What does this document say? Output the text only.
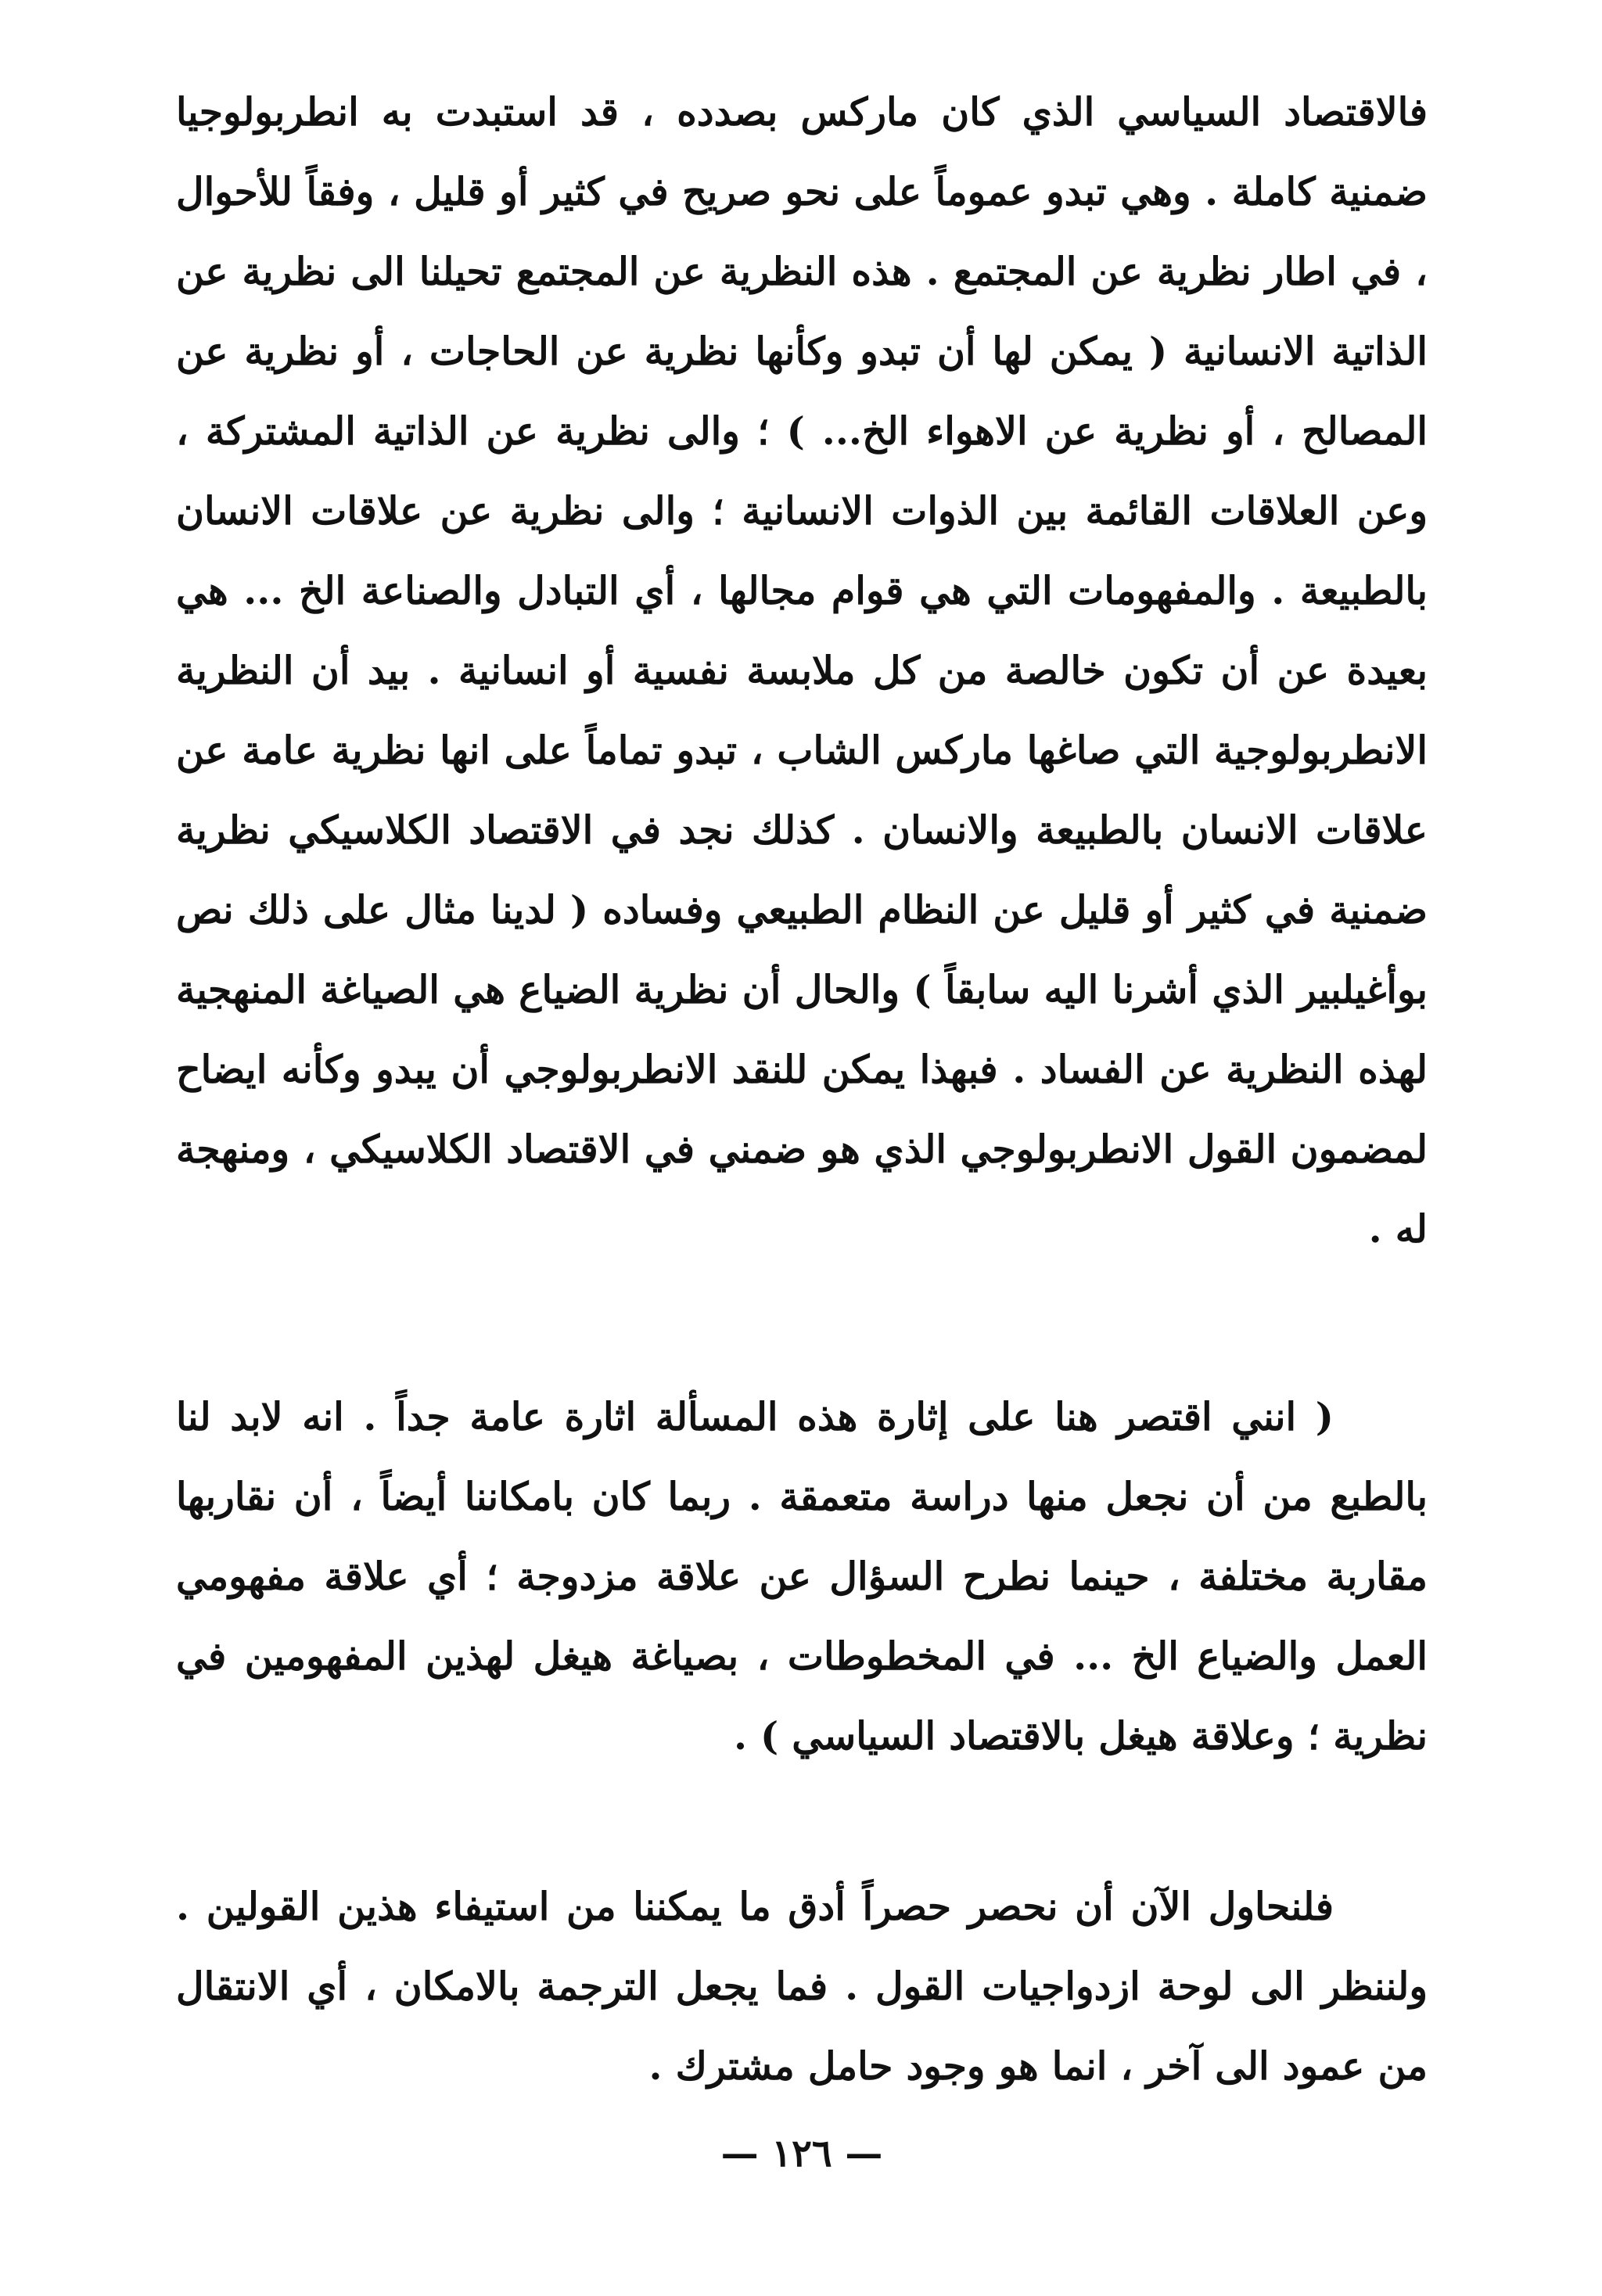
فالاقتصاد السياسي الذي كان ماركس بصدده ، قد استبدت به انطربولوجيا ضمنية كاملة . وهي تبدو عموماً على نحو صريح في كثير أو قليل ، وفقاً للأحوال ، في اطار نظرية عن المجتمع . هذه النظرية عن المجتمع تحيلنا الى نظرية عن الذاتية الانسانية ( يمكن لها أن تبدو وكأنها نظرية عن الحاجات ، أو نظرية عن المصالح ، أو نظرية عن الاهواء الخ... ) ؛ والى نظرية عن الذاتية المشتركة ، وعن العلاقات القائمة بين الذوات الانسانية ؛ والى نظرية عن علاقات الانسان بالطبيعة . والمفهومات التي هي قوام مجالها ، أي التبادل والصناعة الخ ... هي بعيدة عن أن تكون خالصة من كل ملابسة نفسية أو انسانية . بيد أن النظرية الانطربولوجية التي صاغها ماركس الشاب ، تبدو تماماً على انها نظرية عامة عن علاقات الانسان بالطبيعة والانسان . كذلك نجد في الاقتصاد الكلاسيكي نظرية ضمنية في كثير أو قليل عن النظام الطبيعي وفساده ( لدينا مثال على ذلك نص بوأغيلبير الذي أشرنا اليه سابقاً ) والحال أن نظرية الضياع هي الصياغة المنهجية لهذه النظرية عن الفساد . فبهذا يمكن للنقد الانطربولوجي أن يبدو وكأنه ايضاح لمضمون القول الانطربولوجي الذي هو ضمني في الاقتصاد الكلاسيكي ، ومنهجة له .

( انني اقتصر هنا على إثارة هذه المسألة اثارة عامة جداً . انه لابد لنا بالطبع من أن نجعل منها دراسة متعمقة . ربما كان بامكاننا أيضاً ، أن نقاربها مقاربة مختلفة ، حينما نطرح السؤال عن علاقة مزدوجة ؛ أي علاقة مفهومي العمل والضياع الخ ... في المخطوطات ، بصياغة هيغل لهذين المفهومين في نظرية ؛ وعلاقة هيغل بالاقتصاد السياسي ) .

فلنحاول الآن أن نحصر حصراً أدق ما يمكننا من استيفاء هذين القولين . ولننظر الى لوحة ازدواجيات القول . فما يجعل الترجمة بالامكان ، أي الانتقال من عمود الى آخر ، انما هو وجود حامل مشترك .

— ١٢٦ —
